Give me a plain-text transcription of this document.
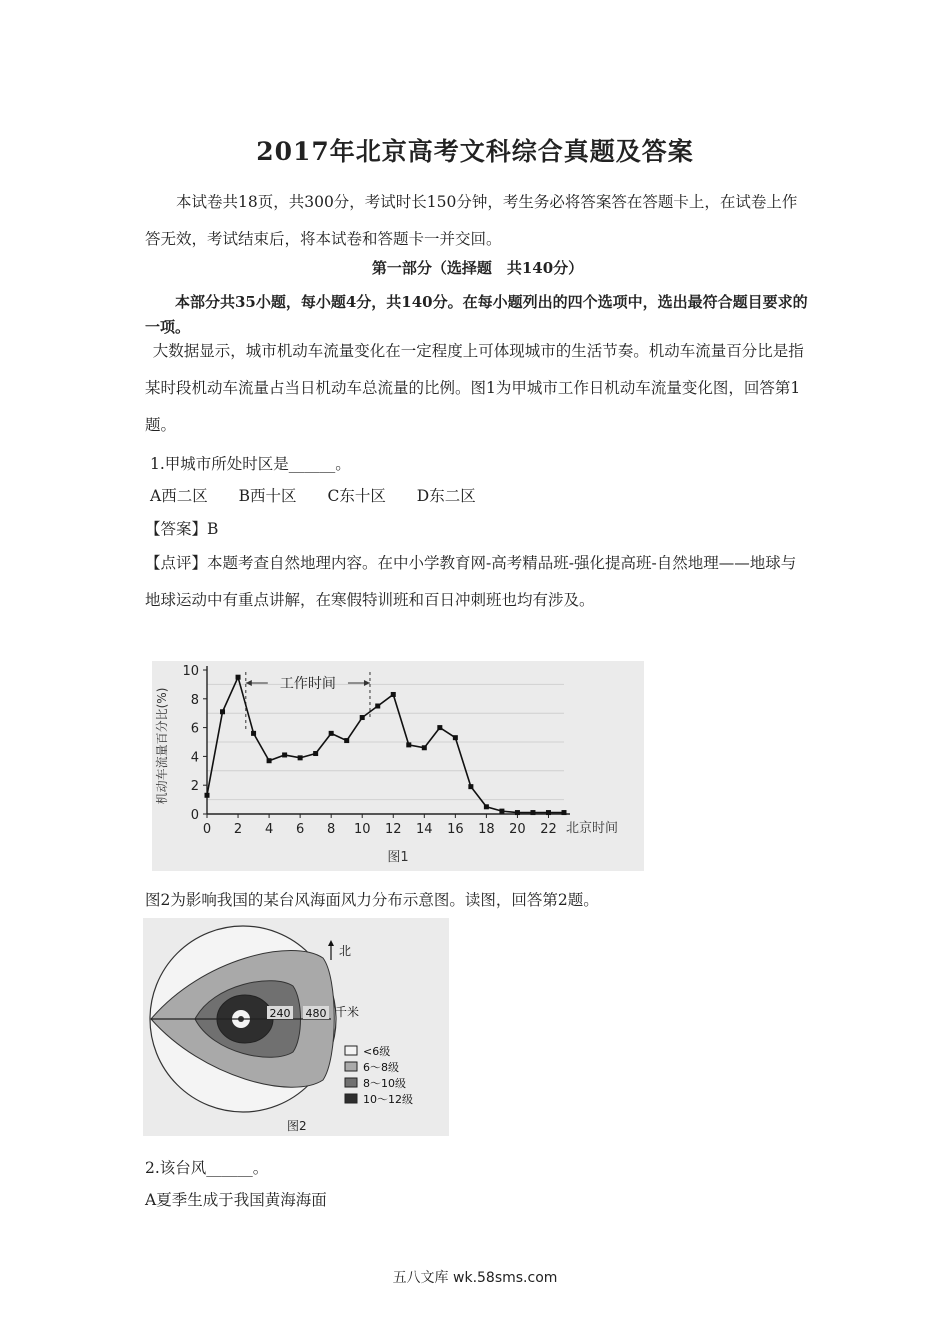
2017年北京高考文科综合真题及答案
本试卷共18页，共300分，考试时长150分钟，考生务必将答案答在答题卡上，在试卷上作答无效，考试结束后，将本试卷和答题卡一并交回。
第一部分（选择题　共140分）
本部分共35小题，每小题4分，共140分。在每小题列出的四个选项中，选出最符合题目要求的一项。
大数据显示，城市机动车流量变化在一定程度上可体现城市的生活节奏。机动车流量百分比是指某时段机动车流量占当日机动车总流量的比例。图1为甲城市工作日机动车流量变化图，回答第1题。
1.甲城市所处时区是______。
A西二区 B西十区 C东十区 D东二区
【答案】B
【点评】本题考查自然地理内容。在中小学教育网-高考精品班-强化提高班-自然地理——地球与地球运动中有重点讲解，在寒假特训班和百日冲刺班也均有涉及。
0
2
4
6
8
10
0 2 4 6 8 10 12 14 16 18 20 22
工作时间
机动车流量百分比(%)
北京时间
图1
图2为影响我国的某台风海面风力分布示意图。读图，回答第2题。
240 480 千米
北
<6级
6～8级
8～10级
10～12级
图2
2.该台风______。
A夏季生成于我国黄海海面
五八文库 wk.58sms.com
